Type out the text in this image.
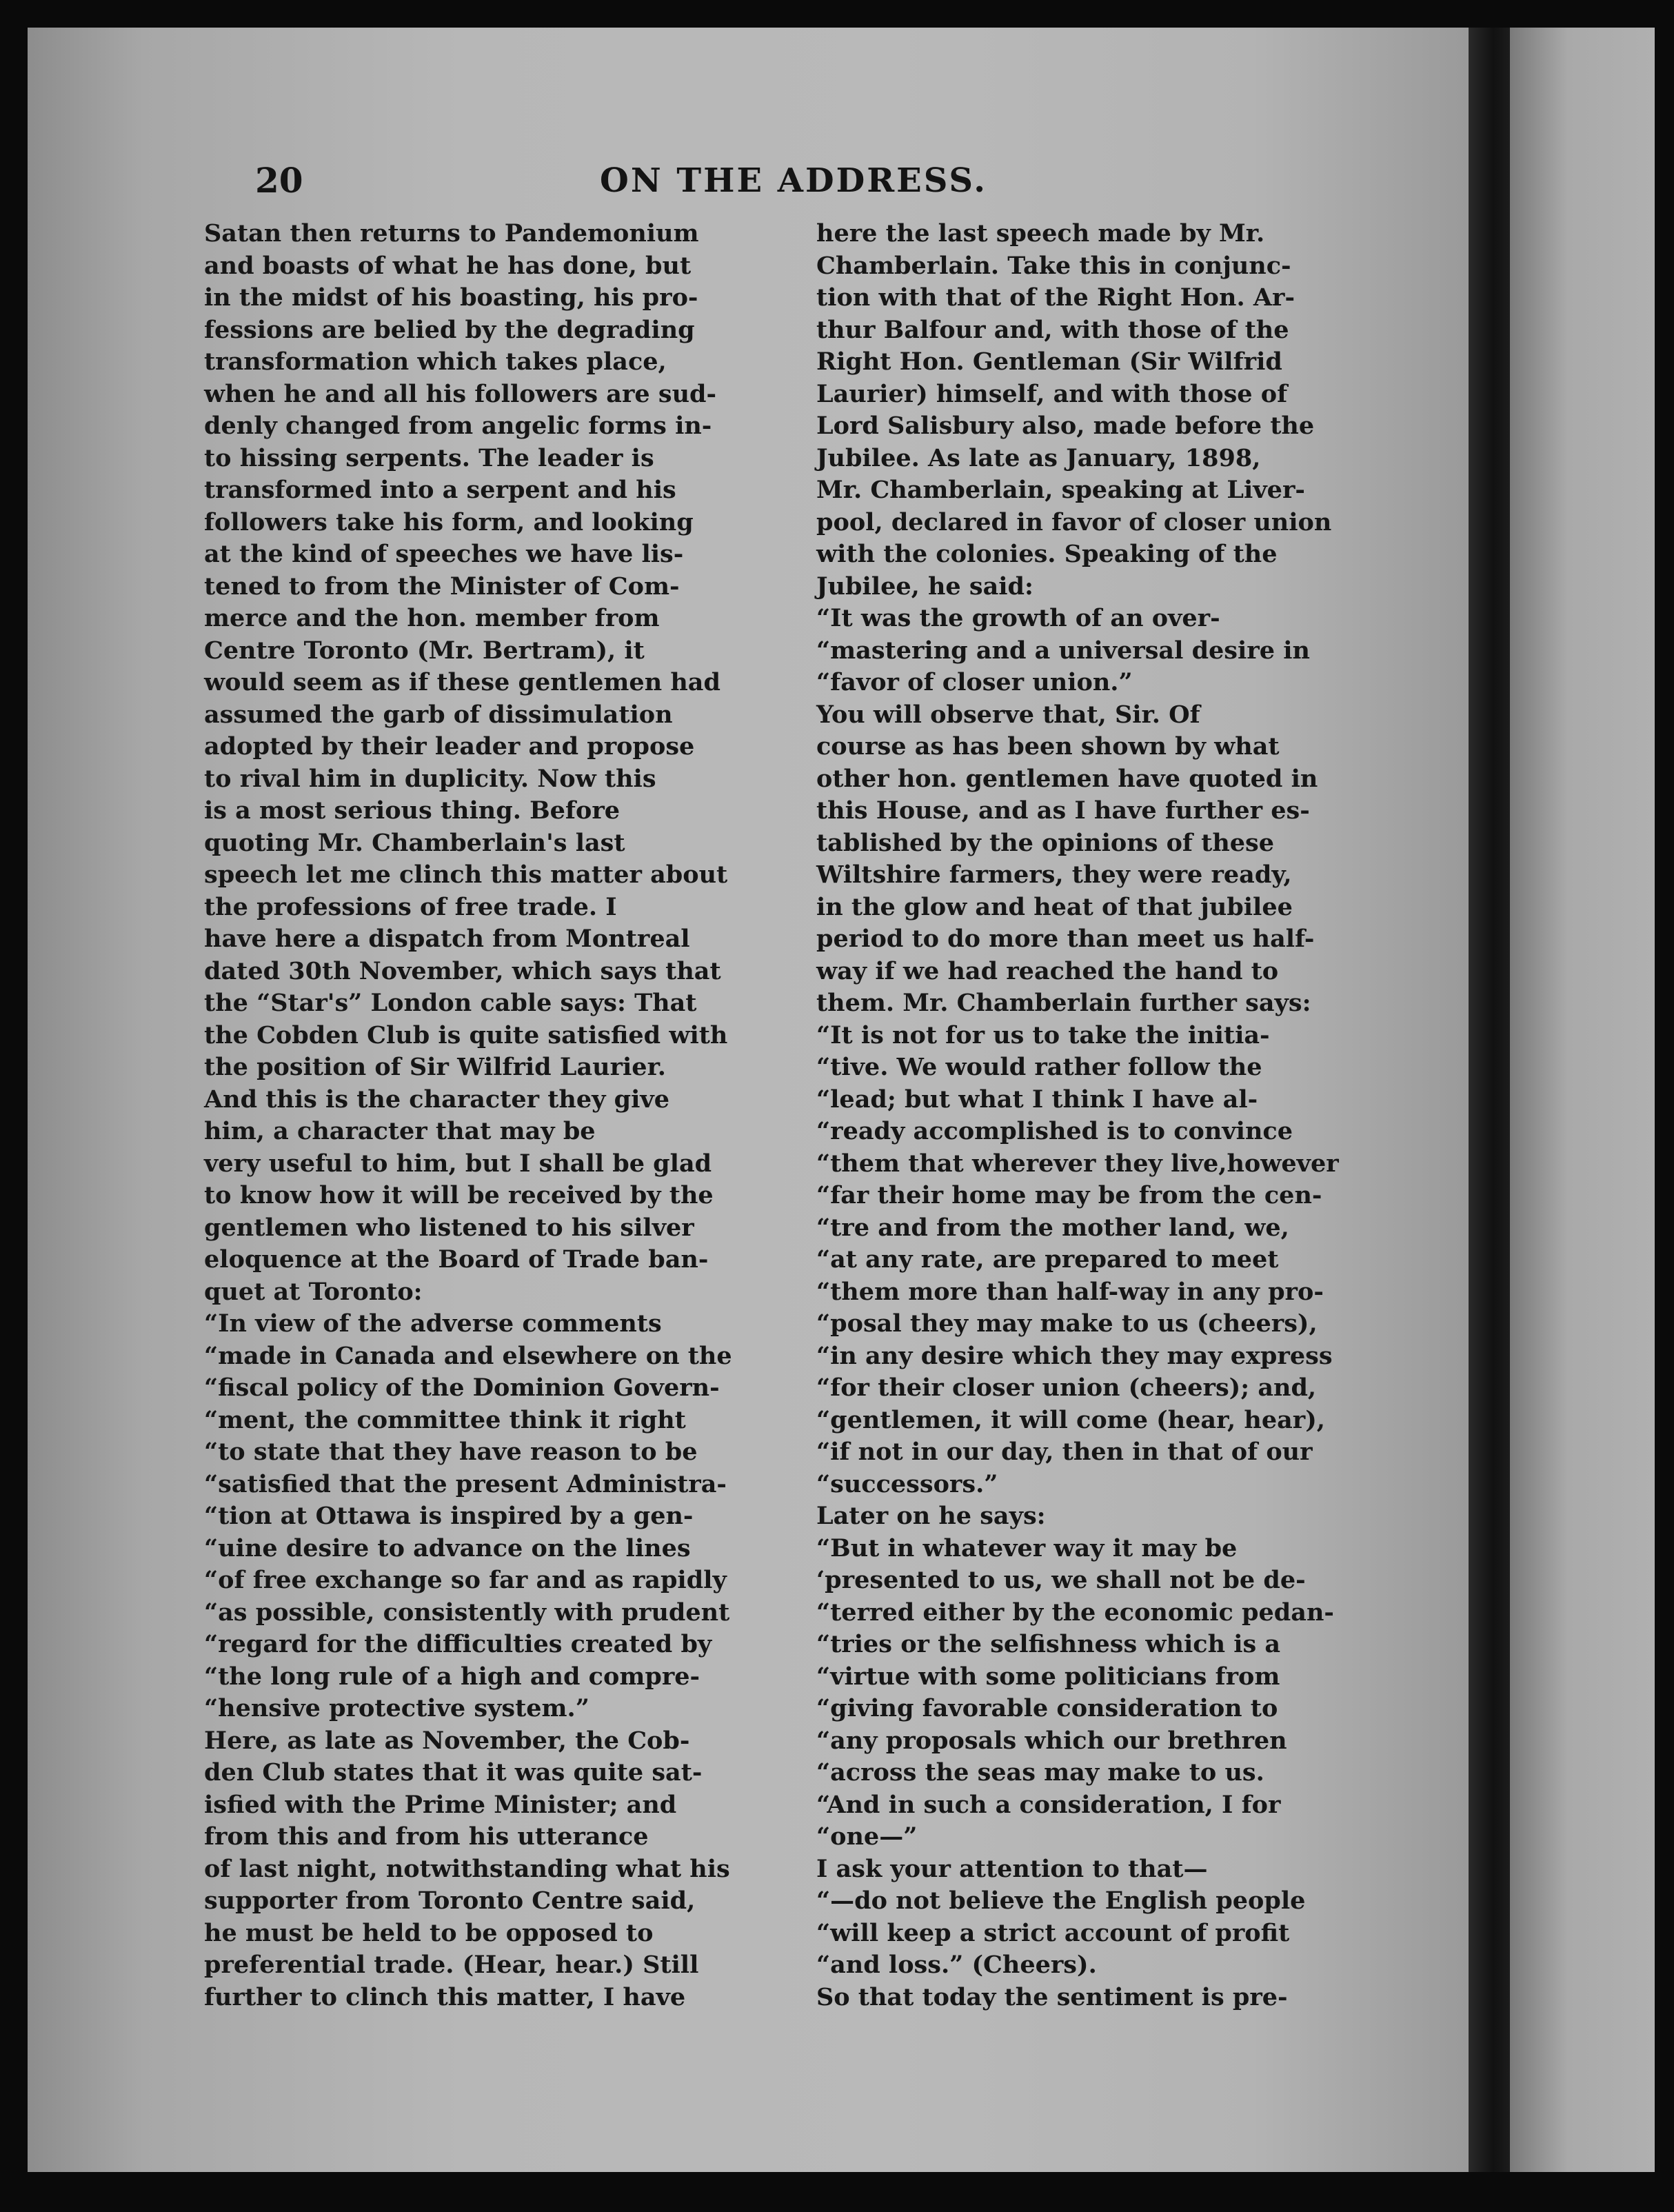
20	ON THE ADDRESS.

Satan then returns to Pandemonium

and boasts of what he has done, but

in the midst of his boasting, his pro-

fessions are belied by the degrading

transformation which takes place,

when he and all his followers are sud-

denly changed from angelic forms in-

to hissing serpents. The leader is

transformed into a serpent and his

followers take his form, and looking

at the kind of speeches we have lis-

tened to from the Minister of Com-

merce and the hon. member from

Centre Toronto (Mr. Bertram), it

would seem as if these gentlemen had

assumed the garb of dissimulation

adopted by their leader and propose

to rival him in duplicity. Now this

is a most serious thing. Before

quoting Mr. Chamberlain's last

speech let me clinch this matter about

the professions of free trade. I

have here a dispatch from Montreal

dated 30th November, which says that

the “Star's” London cable says: That

the Cobden Club is quite satisfied with

the position of Sir Wilfrid Laurier.

And this is the character they give

him, a character that may be

very useful to him, but I shall be glad

to know how it will be received by the

gentlemen who listened to his silver

eloquence at the Board of Trade ban-

quet at Toronto:

“In view of the adverse comments

“made in Canada and elsewhere on the

“fiscal policy of the Dominion Govern-

“ment, the committee think it right

“to state that they have reason to be

“satisfied that the present Administra-

“tion at Ottawa is inspired by a gen-

“uine desire to advance on the lines

“of free exchange so far and as rapidly

“as possible, consistently with prudent

“regard for the difficulties created by

“the long rule of a high and compre-

“hensive protective system.”

Here, as late as November, the Cob-

den Club states that it was quite sat-

isfied with the Prime Minister; and

from this and from his utterance

of last night, notwithstanding what his

supporter from Toronto Centre said,

he must be held to be opposed to

preferential trade. (Hear, hear.) Still

further to clinch this matter, I have

here the last speech made by Mr.

Chamberlain. Take this in conjunc-

tion with that of the Right Hon. Ar-

thur Balfour and, with those of the

Right Hon. Gentleman (Sir Wilfrid

Laurier) himself, and with those of

Lord Salisbury also, made before the

Jubilee. As late as January, 1898,

Mr. Chamberlain, speaking at Liver-

pool, declared in favor of closer union

with the colonies. Speaking of the

Jubilee, he said:

“It was the growth of an over-

“mastering and a universal desire in

“favor of closer union.”

You will observe that, Sir. Of

course as has been shown by what

other hon. gentlemen have quoted in

this House, and as I have further es-

tablished by the opinions of these

Wiltshire farmers, they were ready,

in the glow and heat of that jubilee

period to do more than meet us half-

way if we had reached the hand to

them. Mr. Chamberlain further says:

“It is not for us to take the initia-

“tive. We would rather follow the

“lead; but what I think I have al-

“ready accomplished is to convince

“them that wherever they live,however

“far their home may be from the cen-

“tre and from the mother land, we,

“at any rate, are prepared to meet

“them more than half-way in any pro-

“posal they may make to us (cheers),

“in any desire which they may express

“for their closer union (cheers); and,

“gentlemen, it will come (hear, hear),

“if not in our day, then in that of our

“successors.”

Later on he says:

“But in whatever way it may be

‘presented to us, we shall not be de-

“terred either by the economic pedan-

“tries or the selfishness which is a

“virtue with some politicians from

“giving favorable consideration to

“any proposals which our brethren

“across the seas may make to us.

“And in such a consideration, I for

“one—”

I ask your attention to that—

“—do not believe the English people

“will keep a strict account of profit

“and loss.” (Cheers).

So that today the sentiment is pre-
